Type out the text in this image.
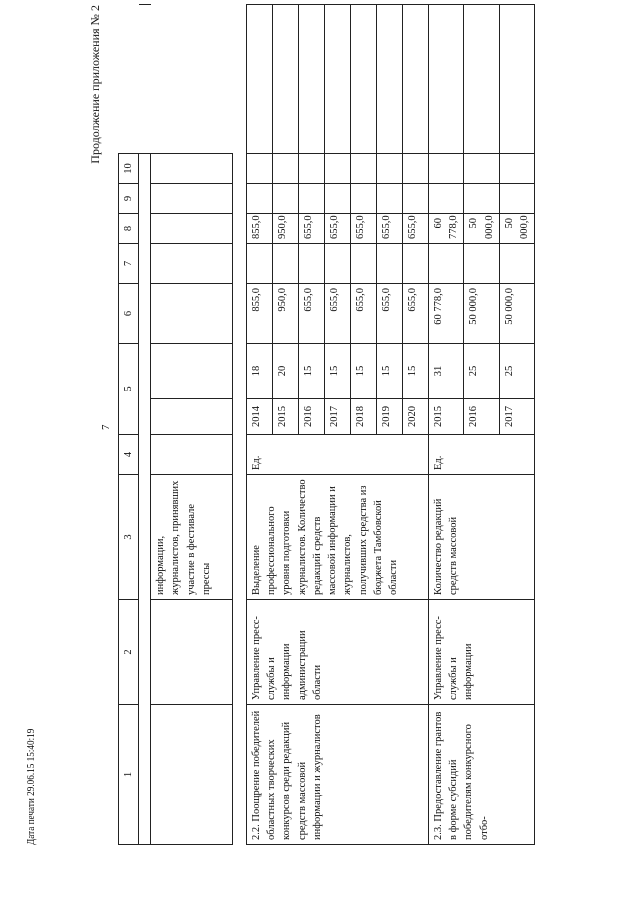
Дата печати 29.06.15 15:40:19
7
Продолжение приложения № 2
1	2	3	4	5		6	7	8	9	10	

		информации, журналистов, принявших участие в фестивале прессы									
2.2. Поощрение победителей областных творческих конкурсов среди редакций средств массовой информации и журналистов	Управление пресс-службы и информации администрации области	Выделение профессионального уровня подготовки журналистов. Количество редакций средств массовой информации и журналистов, получивших средства из бюджета Тамбовской области	Ед.	2014	18	855,0		855,0				
				2015	20	950,0		950,0				
				2016	15	655,0		655,0				
				2017	15	655,0		655,0				
				2018	15	655,0		655,0				
				2019	15	655,0		655,0				
				2020	15	655,0		655,0				
2.3. Предоставление грантов в форме субсидий победителям конкурсного отбо-	Управление пресс-службы и информации	Количество редакций средств массовой	Ед.	2015	31	60 778,0		60 778,0				
				2016	25	50 000,0		50 000,0				
				2017	25	50 000,0		50 000,0				
